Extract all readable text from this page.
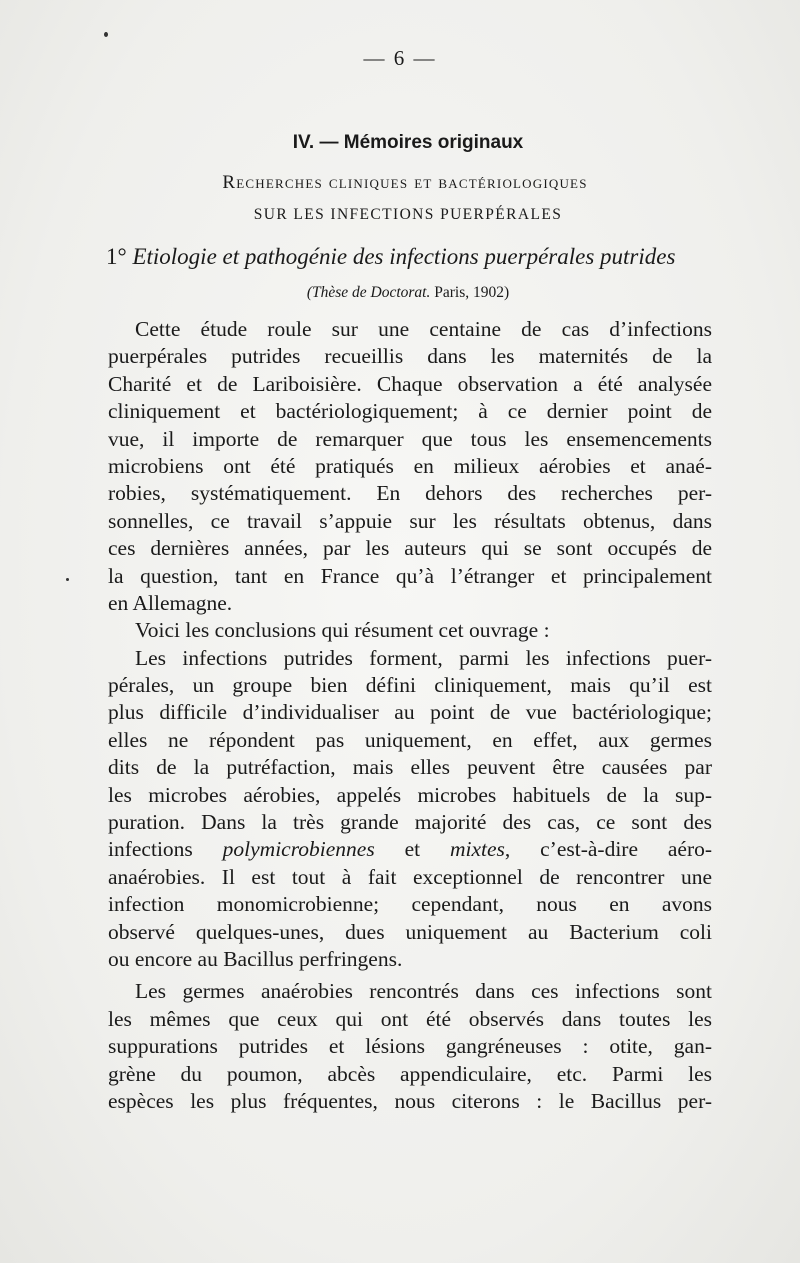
— 6 —
IV. — Mémoires originaux
Recherches cliniques et bactériologiques
SUR LES INFECTIONS PUERPÉRALES
1° Etiologie et pathogénie des infections puerpérales putrides
(Thèse de Doctorat. Paris, 1902)
Cette étude roule sur une centaine de cas d’infections
puerpérales putrides recueillis dans les maternités de la
Charité et de Lariboisière. Chaque observation a été analysée
cliniquement et bactériologiquement; à ce dernier point de
vue, il importe de remarquer que tous les ensemencements
microbiens ont été pratiqués en milieux aérobies et anaé-
robies, systématiquement. En dehors des recherches per-
sonnelles, ce travail s’appuie sur les résultats obtenus, dans
ces dernières années, par les auteurs qui se sont occupés de
la question, tant en France qu’à l’étranger et principalement
en Allemagne.
Voici les conclusions qui résument cet ouvrage :
Les infections putrides forment, parmi les infections puer-
pérales, un groupe bien défini cliniquement, mais qu’il est
plus difficile d’individualiser au point de vue bactériologique;
elles ne répondent pas uniquement, en effet, aux germes
dits de la putréfaction, mais elles peuvent être causées par
les microbes aérobies, appelés microbes habituels de la sup-
puration. Dans la très grande majorité des cas, ce sont des
infections polymicrobiennes et mixtes, c’est-à-dire aéro-
anaérobies. Il est tout à fait exceptionnel de rencontrer une
infection monomicrobienne; cependant, nous en avons
observé quelques-unes, dues uniquement au Bacterium coli
ou encore au Bacillus perfringens.
Les germes anaérobies rencontrés dans ces infections sont
les mêmes que ceux qui ont été observés dans toutes les
suppurations putrides et lésions gangréneuses : otite, gan-
grène du poumon, abcès appendiculaire, etc. Parmi les
espèces les plus fréquentes, nous citerons : le Bacillus per-
